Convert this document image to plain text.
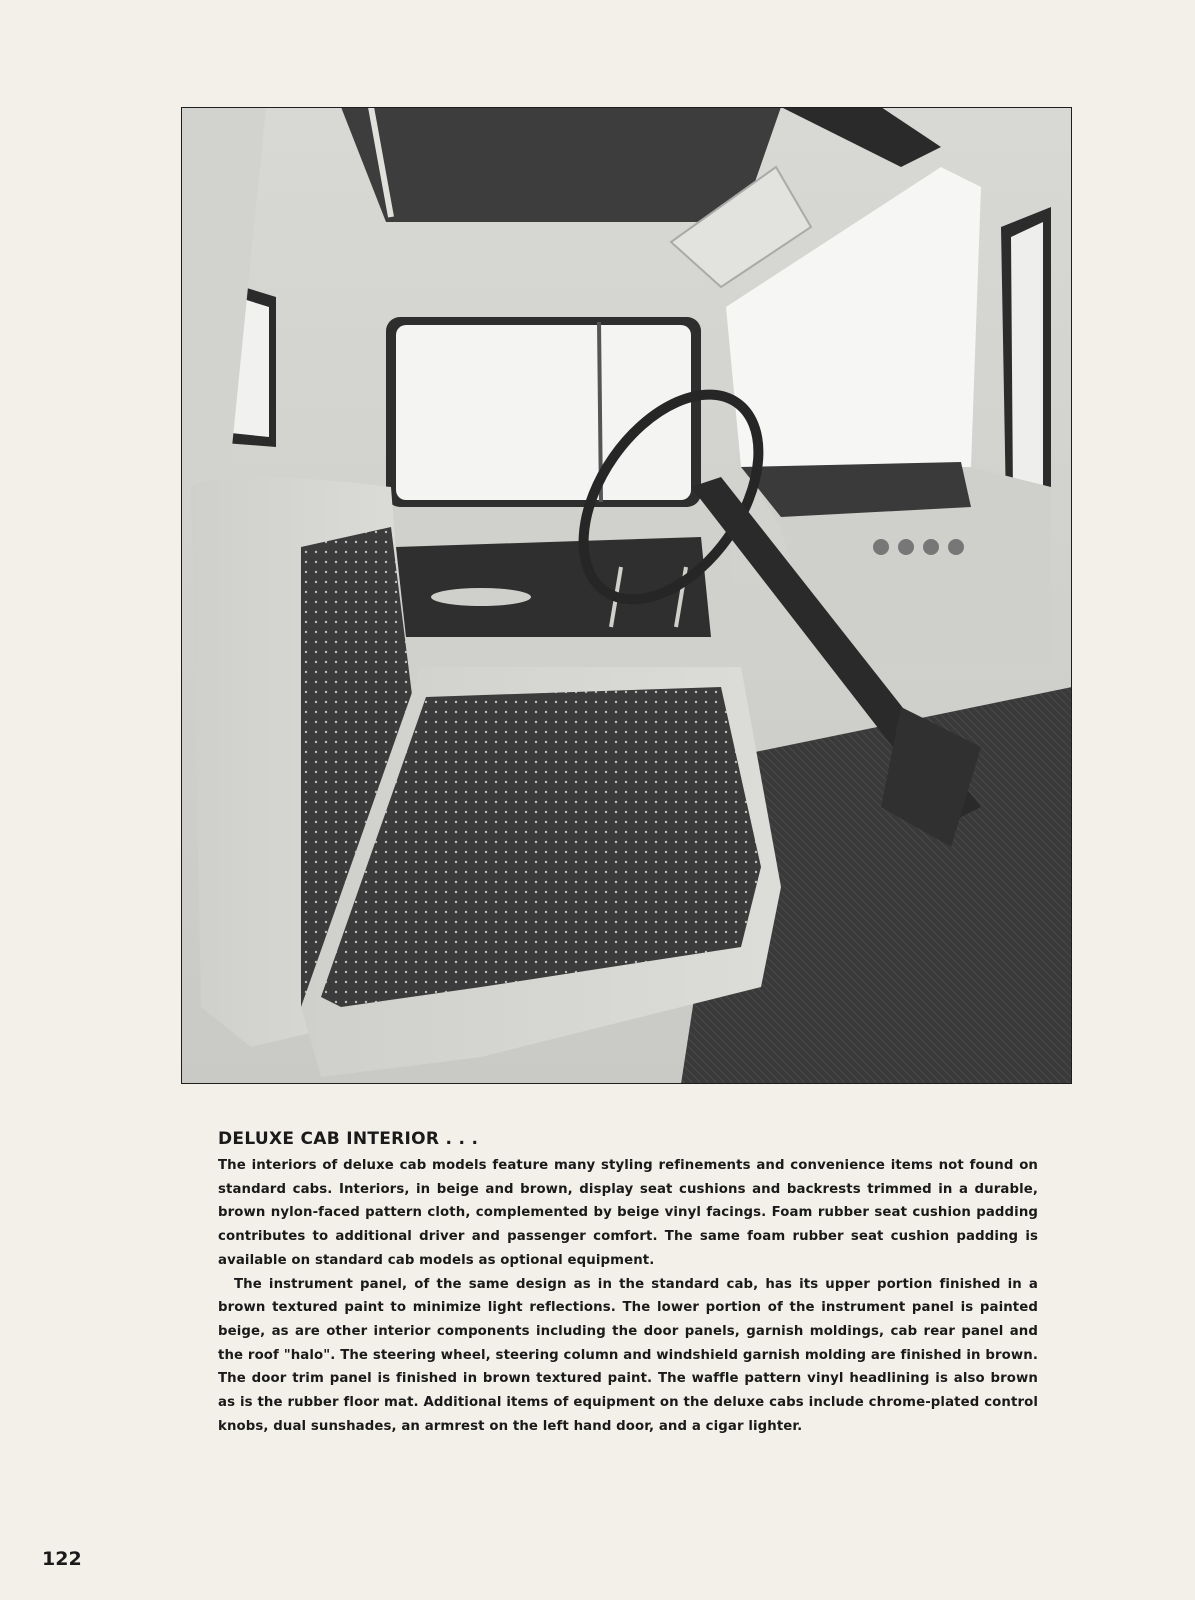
DELUXE CAB INTERIOR . . .

The interiors of deluxe cab models feature many styling refinements and convenience items not found on standard cabs. Interiors, in beige and brown, display seat cushions and backrests trimmed in a durable, brown nylon-faced pattern cloth, complemented by beige vinyl facings. Foam rubber seat cushion padding contributes to additional driver and passenger comfort. The same foam rubber seat cushion padding is available on standard cab models as optional equipment.

The instrument panel, of the same design as in the standard cab, has its upper portion finished in a brown textured paint to minimize light reflections. The lower portion of the instrument panel is painted beige, as are other interior components including the door panels, garnish moldings, cab rear panel and the roof "halo". The steering wheel, steering column and windshield garnish molding are finished in brown. The door trim panel is finished in brown textured paint. The waffle pattern vinyl headlining is also brown as is the rubber floor mat. Additional items of equipment on the deluxe cabs include chrome-plated control knobs, dual sunshades, an armrest on the left hand door, and a cigar lighter.

122
